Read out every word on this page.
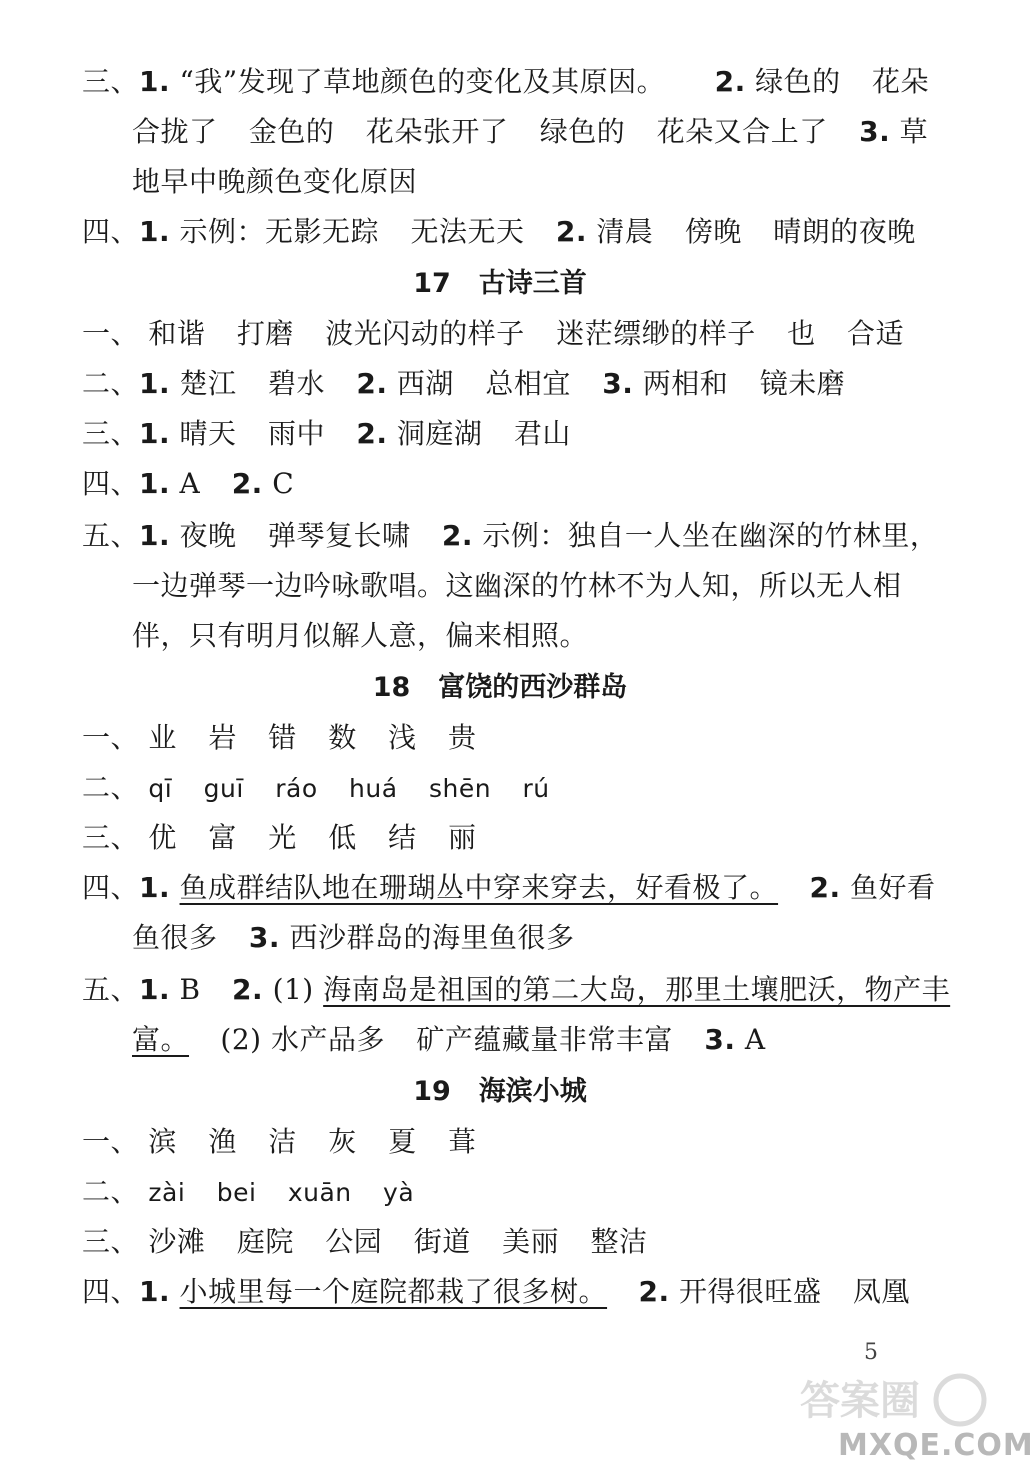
三、1. “我”发现了草地颜色的变化及其原因。 2. 绿色的 花朵
合拢了 金色的 花朵张开了 绿色的 花朵又合上了 3. 草
地早中晚颜色变化原因
四、1. 示例：无影无踪 无法无天 2. 清晨 傍晚 晴朗的夜晚
17 古诗三首
一、 和谐 打磨 波光闪动的样子 迷茫缥缈的样子 也 合适
二、1. 楚江 碧水 2. 西湖 总相宜 3. 两相和 镜未磨
三、1. 晴天 雨中 2. 洞庭湖 君山
四、1. A 2. C
五、1. 夜晚 弹琴复长啸 2. 示例：独自一人坐在幽深的竹林里，
一边弹琴一边吟咏歌唱。这幽深的竹林不为人知，所以无人相
伴，只有明月似解人意，偏来相照。
18 富饶的西沙群岛
一、 业 岩 错 数 浅 贵
二、 qī guī ráo huá shēn rú
三、 优 富 光 低 结 丽
四、1. 鱼成群结队地在珊瑚丛中穿来穿去，好看极了。 2. 鱼好看
鱼很多 3. 西沙群岛的海里鱼很多
五、1. B 2. (1) 海南岛是祖国的第二大岛，那里土壤肥沃，物产丰
富。 (2) 水产品多 矿产蕴藏量非常丰富 3. A
19 海滨小城
一、 滨 渔 洁 灰 夏 葺
二、 zài bei xuān yà
三、 沙滩 庭院 公园 街道 美丽 整洁
四、1. 小城里每一个庭院都栽了很多树。 2. 开得很旺盛 凤凰
5
答案圈
MXQE.COM
